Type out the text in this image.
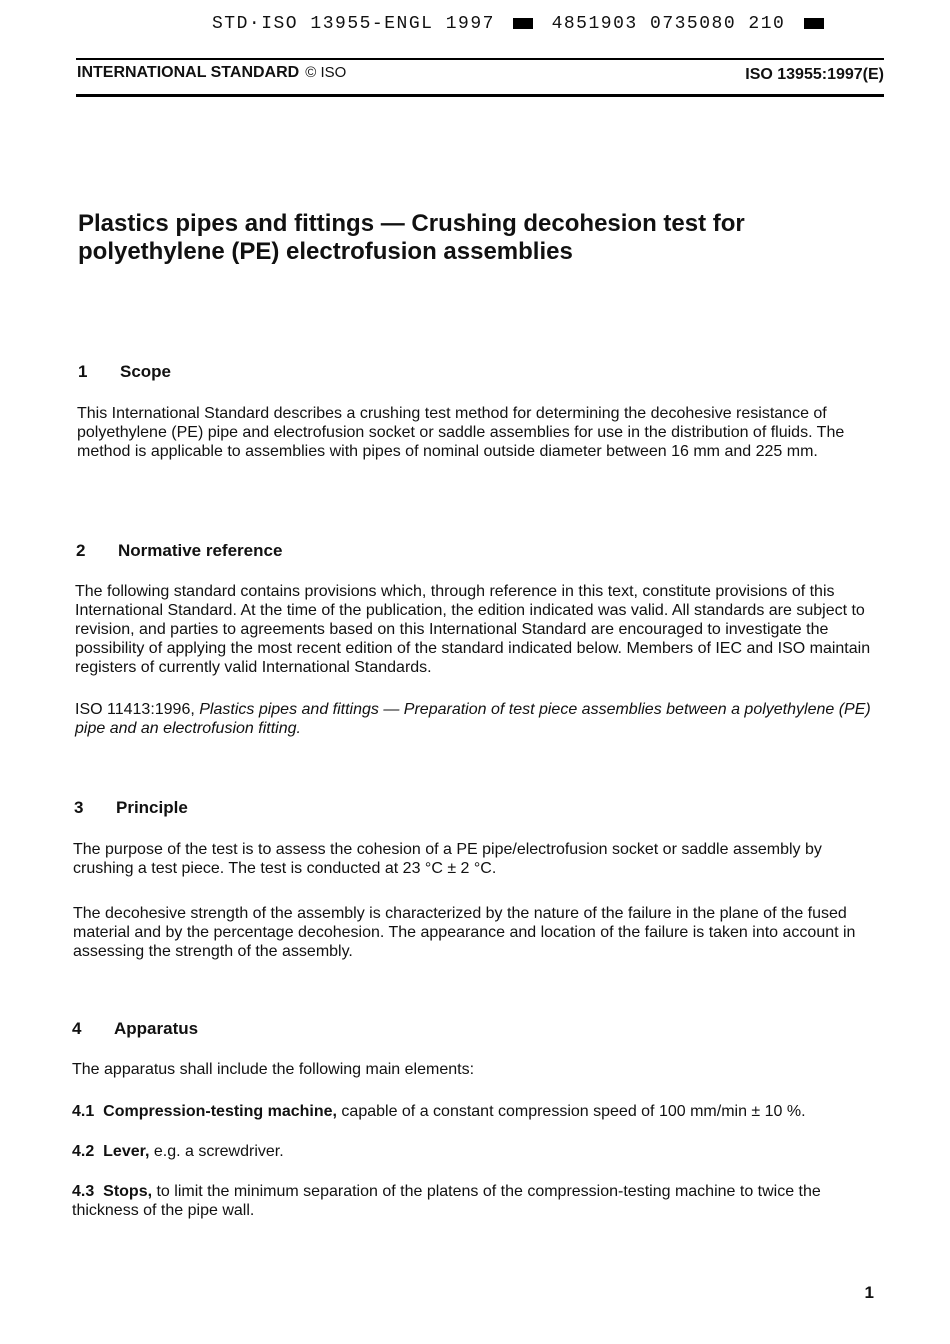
STD·ISO 13955-ENGL 1997	4851903 0735080 210
INTERNATIONAL STANDARD © ISO	ISO 13955:1997(E)
Plastics pipes and fittings — Crushing decohesion test for
polyethylene (PE) electrofusion assemblies
1 Scope
This International Standard describes a crushing test method for determining the decohesive resistance of polyethylene (PE) pipe and electrofusion socket or saddle assemblies for use in the distribution of fluids. The method is applicable to assemblies with pipes of nominal outside diameter between 16 mm and 225 mm.
2 Normative reference
The following standard contains provisions which, through reference in this text, constitute provisions of this International Standard. At the time of the publication, the edition indicated was valid. All standards are subject to revision, and parties to agreements based on this International Standard are encouraged to investigate the possibility of applying the most recent edition of the standard indicated below. Members of IEC and ISO maintain registers of currently valid International Standards.
ISO 11413:1996, Plastics pipes and fittings — Preparation of test piece assemblies between a polyethylene (PE) pipe and an electrofusion fitting.
3 Principle
The purpose of the test is to assess the cohesion of a PE pipe/electrofusion socket or saddle assembly by crushing a test piece. The test is conducted at 23 °C ± 2 °C.
The decohesive strength of the assembly is characterized by the nature of the failure in the plane of the fused material and by the percentage decohesion. The appearance and location of the failure is taken into account in assessing the strength of the assembly.
4 Apparatus
The apparatus shall include the following main elements:
4.1 Compression-testing machine, capable of a constant compression speed of 100 mm/min ± 10 %.
4.2 Lever, e.g. a screwdriver.
4.3 Stops, to limit the minimum separation of the platens of the compression-testing machine to twice the thickness of the pipe wall.
1
